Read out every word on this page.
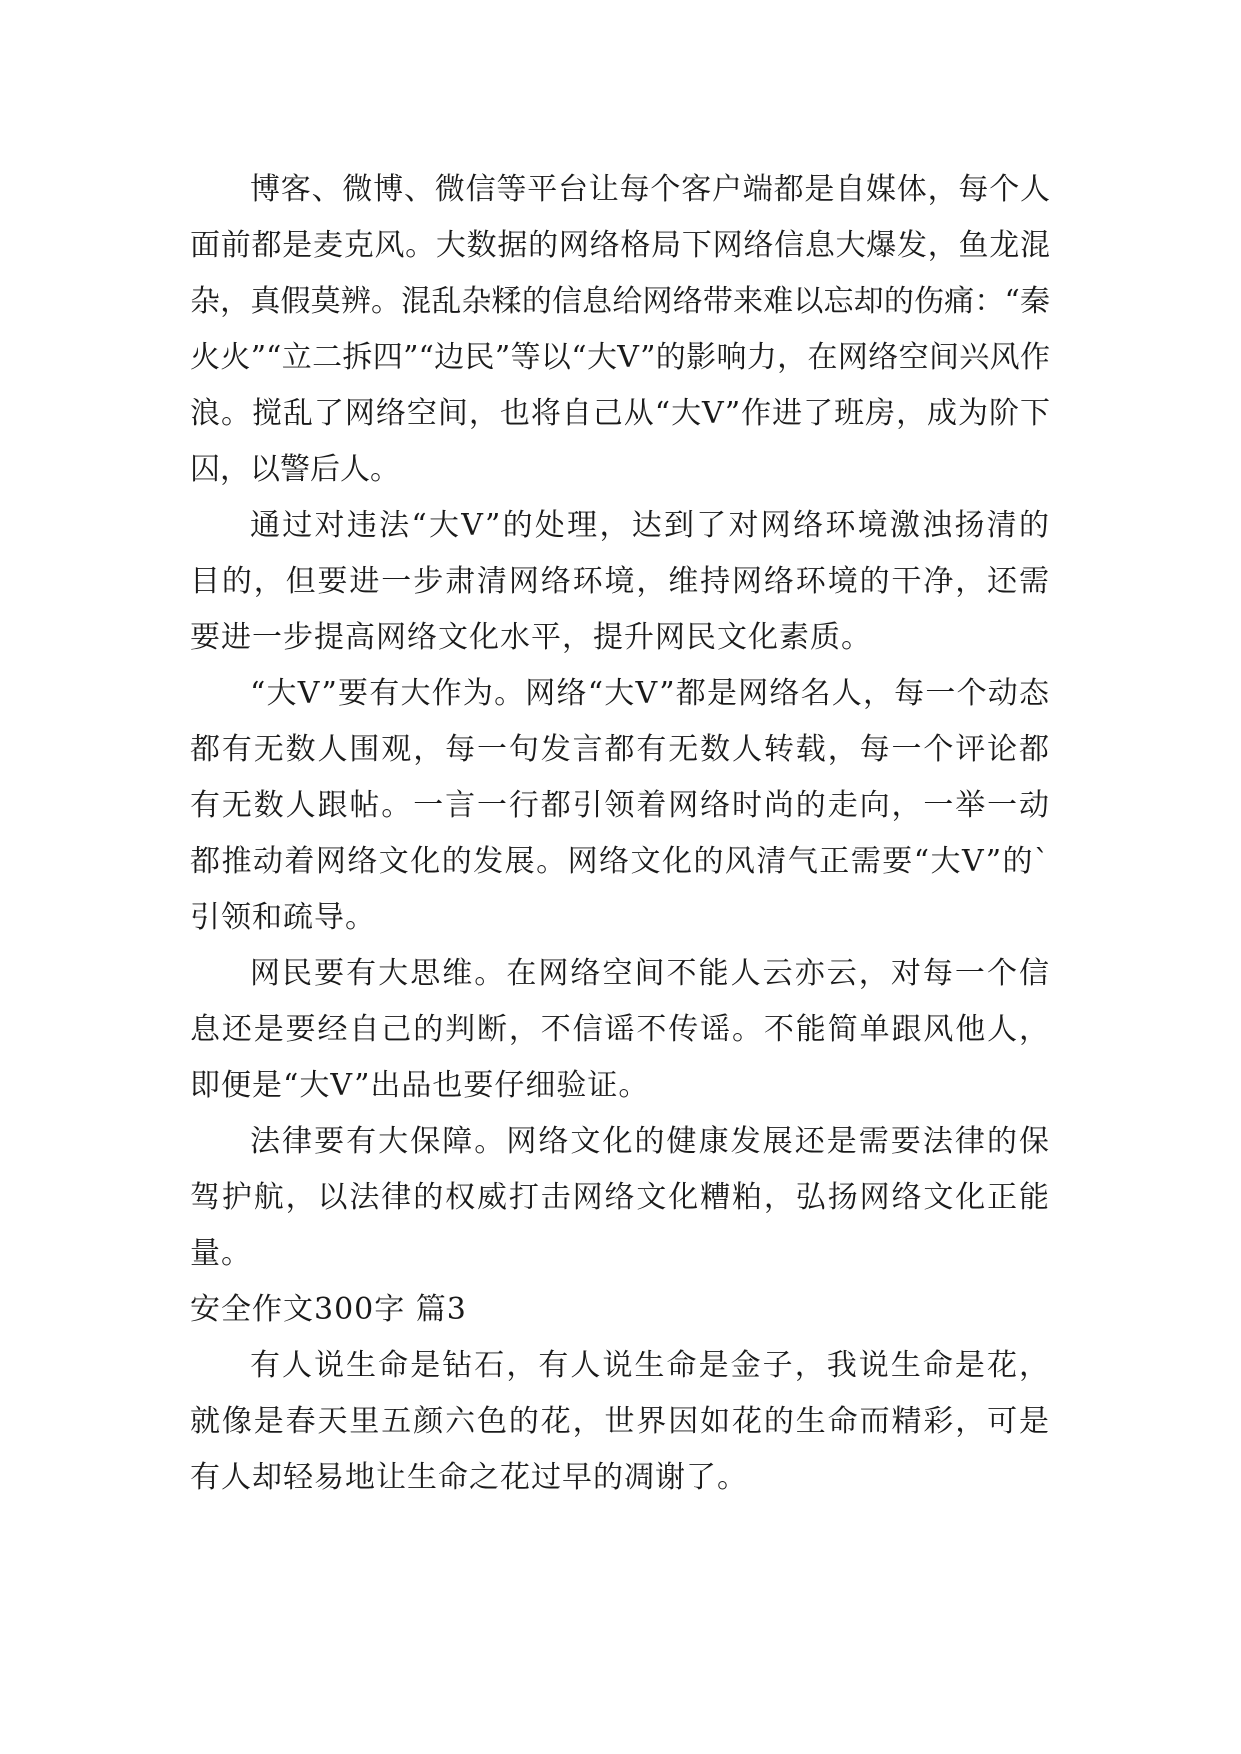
博客、微博、微信等平台让每个客户端都是自媒体，每个人面前都是麦克风。大数据的网络格局下网络信息大爆发，鱼龙混杂，真假莫辨。混乱杂糅的信息给网络带来难以忘却的伤痛：“秦火火”“立二拆四”“边民”等以“大V”的影响力，在网络空间兴风作浪。搅乱了网络空间，也将自己从“大V”作进了班房，成为阶下囚，以警后人。

通过对违法“大V”的处理，达到了对网络环境激浊扬清的目的，但要进一步肃清网络环境，维持网络环境的干净，还需要进一步提高网络文化水平，提升网民文化素质。

“大V”要有大作为。网络“大V”都是网络名人，每一个动态都有无数人围观，每一句发言都有无数人转载，每一个评论都有无数人跟帖。一言一行都引领着网络时尚的走向，一举一动都推动着网络文化的发展。网络文化的风清气正需要“大V”的`引领和疏导。

网民要有大思维。在网络空间不能人云亦云，对每一个信息还是要经自己的判断，不信谣不传谣。不能简单跟风他人，即便是“大V”出品也要仔细验证。

法律要有大保障。网络文化的健康发展还是需要法律的保驾护航，以法律的权威打击网络文化糟粕，弘扬网络文化正能量。

安全作文300字 篇3

有人说生命是钻石，有人说生命是金子，我说生命是花，就像是春天里五颜六色的花，世界因如花的生命而精彩，可是有人却轻易地让生命之花过早的凋谢了。
